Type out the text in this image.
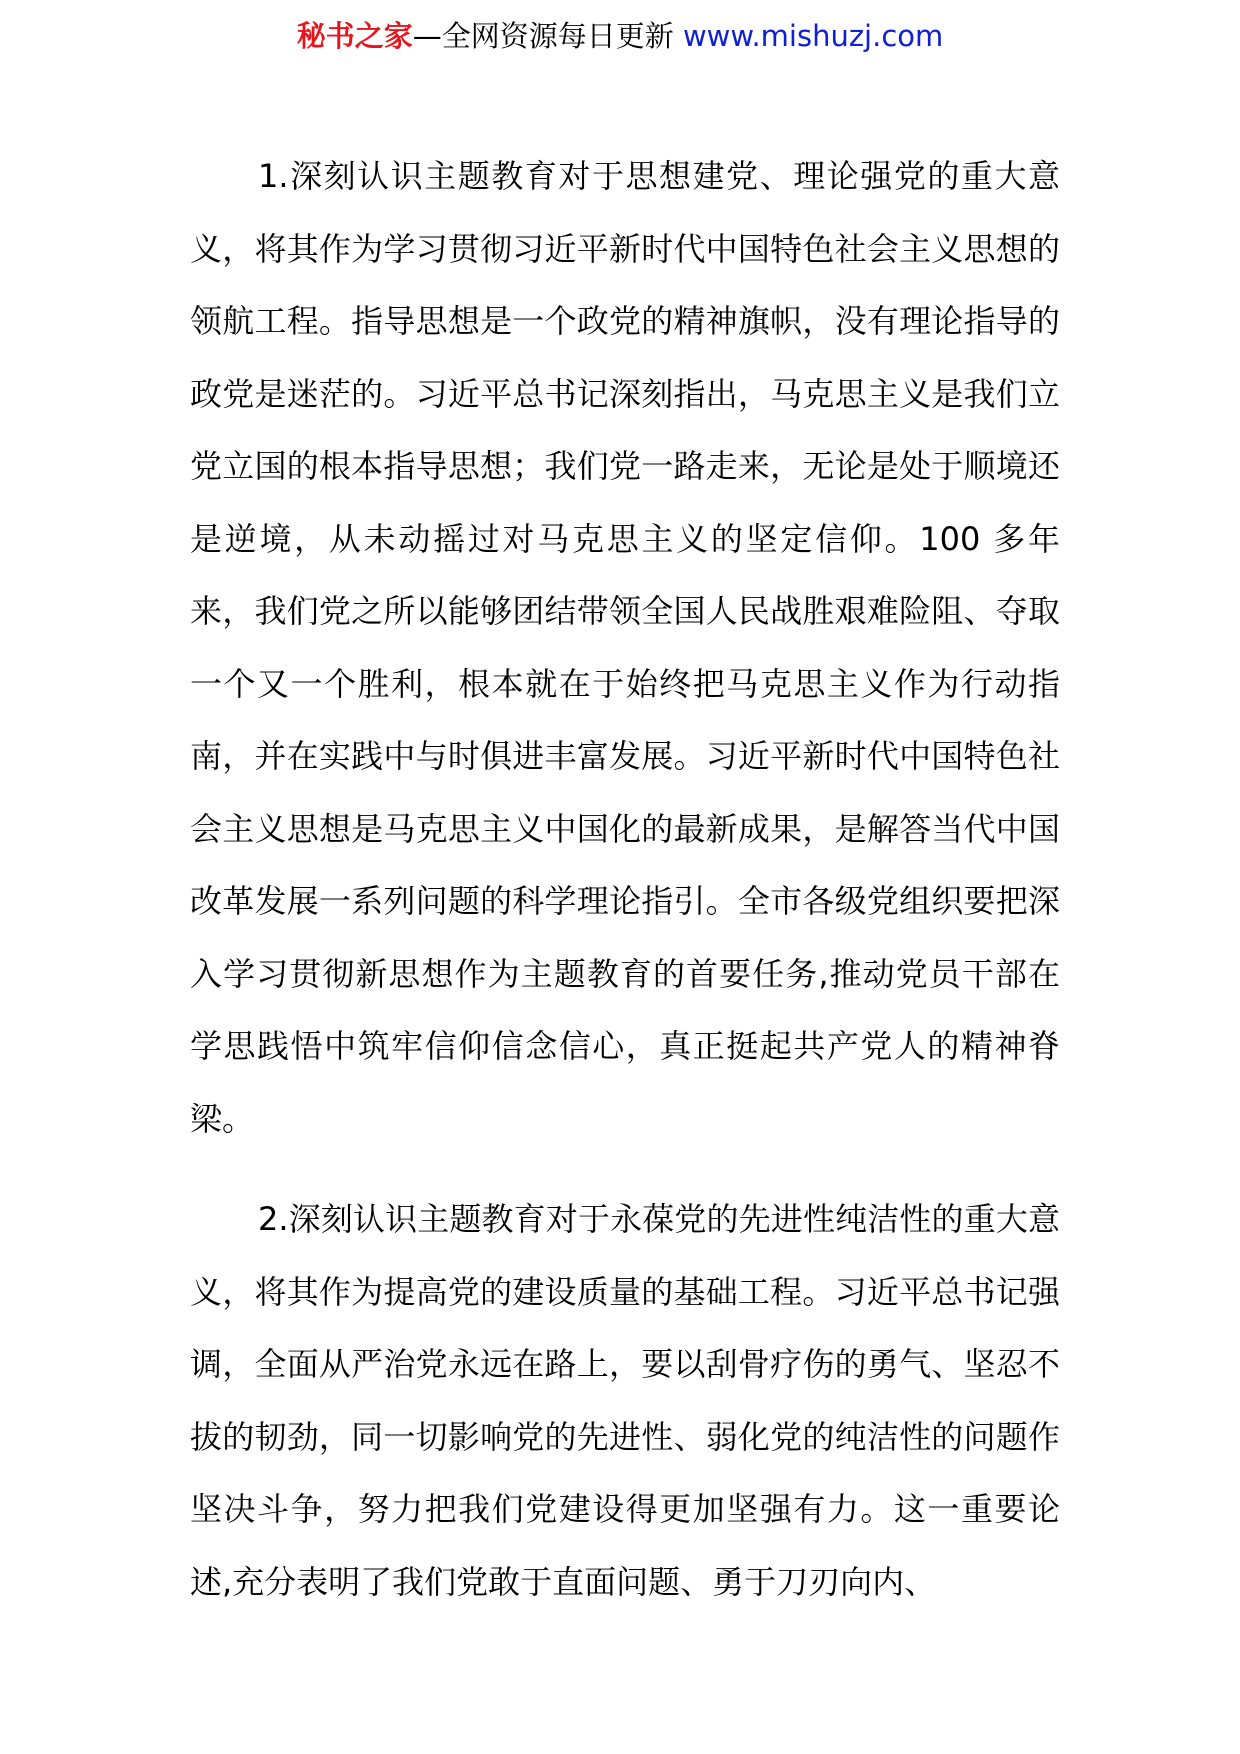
秘书之家—全网资源每日更新 www.mishuzj.com

1.深刻认识主题教育对于思想建党、理论强党的重大意义，将其作为学习贯彻习近平新时代中国特色社会主义思想的领航工程。指导思想是一个政党的精神旗帜，没有理论指导的政党是迷茫的。习近平总书记深刻指出，马克思主义是我们立党立国的根本指导思想；我们党一路走来，无论是处于顺境还是逆境，从未动摇过对马克思主义的坚定信仰。100 多年来，我们党之所以能够团结带领全国人民战胜艰难险阻、夺取一个又一个胜利，根本就在于始终把马克思主义作为行动指南，并在实践中与时俱进丰富发展。习近平新时代中国特色社会主义思想是马克思主义中国化的最新成果，是解答当代中国改革发展一系列问题的科学理论指引。全市各级党组织要把深入学习贯彻新思想作为主题教育的首要任务,推动党员干部在学思践悟中筑牢信仰信念信心，真正挺起共产党人的精神脊梁。

2.深刻认识主题教育对于永葆党的先进性纯洁性的重大意义，将其作为提高党的建设质量的基础工程。习近平总书记强调，全面从严治党永远在路上，要以刮骨疗伤的勇气、坚忍不拔的韧劲，同一切影响党的先进性、弱化党的纯洁性的问题作坚决斗争，努力把我们党建设得更加坚强有力。这一重要论述,充分表明了我们党敢于直面问题、勇于刀刃向内、
